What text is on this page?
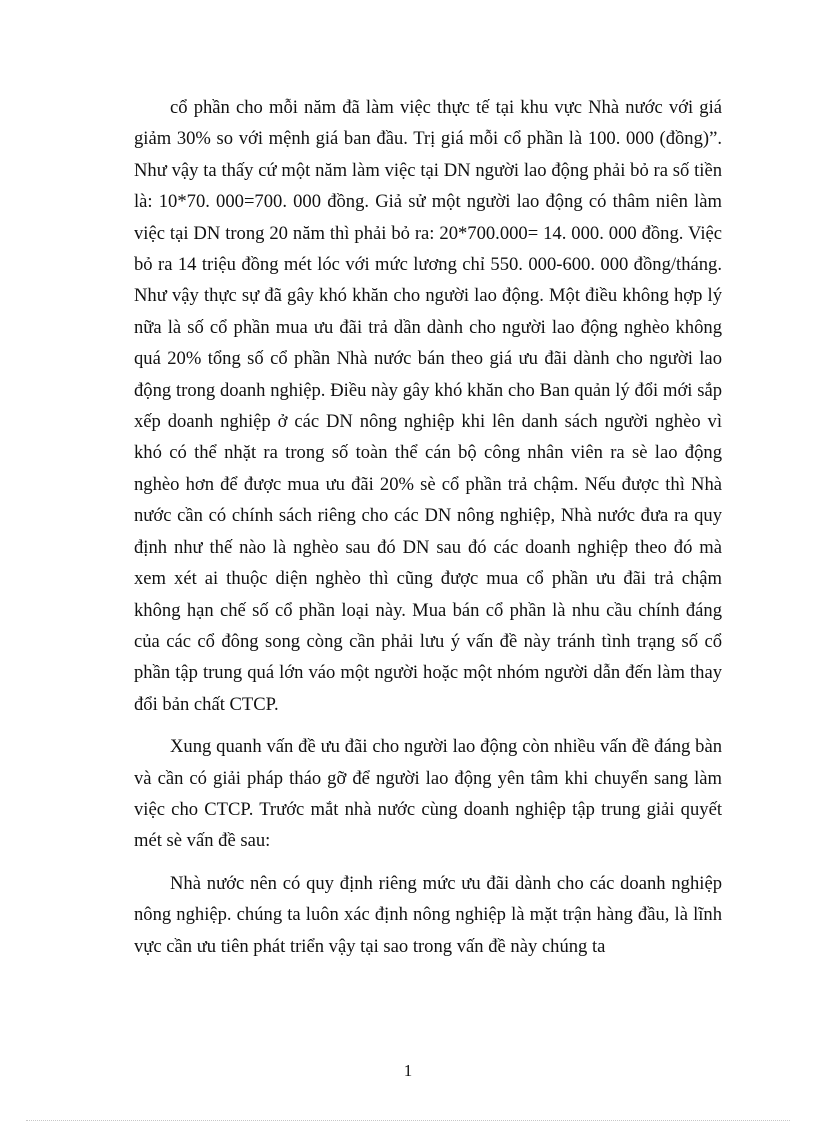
cổ phần cho mỗi năm đã làm việc thực tế tại khu vực Nhà nước với giá giảm 30% so với mệnh giá ban đầu. Trị giá mỗi cổ phần là 100. 000 (đồng)”. Như vậy ta thấy cứ một năm làm việc tại DN người lao động phải bỏ ra số tiền là: 10*70. 000=700. 000 đồng. Giả sử một người lao động có thâm niên làm việc tại DN trong 20 năm thì phải bỏ ra: 20*700.000= 14. 000. 000 đồng. Việc bỏ ra 14 triệu đồng mét lóc với mức lương chỉ 550. 000-600. 000 đồng/tháng. Như vậy thực sự đã gây khó khăn cho người lao động. Một điều không hợp lý nữa là số cổ phần mua ưu đãi trả dần dành cho người lao động nghèo không quá 20% tổng số cổ phần Nhà nước bán theo giá ưu đãi dành cho người lao động trong doanh nghiệp. Điều này gây khó khăn cho Ban quản lý đổi mới sắp xếp doanh nghiệp ở các DN nông nghiệp khi lên danh sách người nghèo vì khó có thể nhặt ra trong số toàn thể cán bộ công nhân viên ra sè lao động nghèo hơn để được mua ưu đãi 20% sè cổ phần trả chậm. Nếu được thì Nhà nước cần có chính sách riêng cho các DN nông nghiệp, Nhà nước đưa ra quy định như thế nào là nghèo sau đó DN sau đó các doanh nghiệp theo đó mà xem xét ai thuộc diện nghèo thì cũng được mua cổ phần ưu đãi trả chậm không hạn chế số cổ phần loại này. Mua bán cổ phần là nhu cầu chính đáng của các cổ đông song còng cần phải lưu ý vấn đề này tránh tình trạng số cổ phần tập trung quá lớn váo một người hoặc một nhóm người dẫn đến làm thay đổi bản chất CTCP.

Xung quanh vấn đề ưu đãi cho người lao động còn nhiều vấn đề đáng bàn và cần có giải pháp tháo gỡ để người lao động yên tâm khi chuyển sang làm việc cho CTCP. Trước mắt nhà nước cùng doanh nghiệp tập trung giải quyết mét sè vấn đề sau:

Nhà nước nên có quy định riêng mức ưu đãi dành cho các doanh nghiệp nông nghiệp. chúng ta luôn xác định nông nghiệp là mặt trận hàng đầu, là lĩnh vực cần ưu tiên phát triển vậy tại sao trong vấn đề này chúng ta

1
